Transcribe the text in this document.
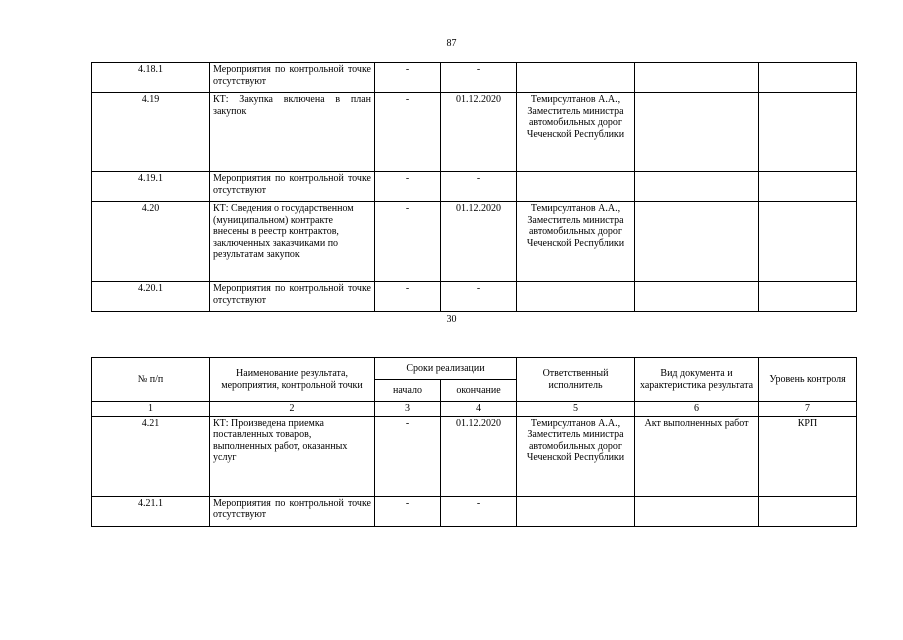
87
4.18.1	Мероприятия по контрольной точке отсутствуют	-	-			
4.19	КТ: Закупка включена в план закупок	-	01.12.2020	Темирсултанов А.А., Заместитель министра автомобильных дорог Чеченской Республики		
4.19.1	Мероприятия по контрольной точке отсутствуют	-	-			
4.20	КТ: Сведения о государственном (муниципальном) контракте внесены в реестр контрактов, заключенных заказчиками по результатам закупок	-	01.12.2020	Темирсултанов А.А., Заместитель министра автомобильных дорог Чеченской Республики		
4.20.1	Мероприятия по контрольной точке отсутствуют	-	-			
30
№ п/п	Наименование результата, мероприятия, контрольной точки	Сроки реализации		Ответственный исполнитель	Вид документа и характеристика результата	Уровень контроля
		начало	окончание			
1	2	3	4	5	6	7
4.21	КТ: Произведена приемка поставленных товаров, выполненных работ, оказанных услуг	-	01.12.2020	Темирсултанов А.А., Заместитель министра автомобильных дорог Чеченской Республики	Акт выполненных работ	КРП
4.21.1	Мероприятия по контрольной точке отсутствуют	-	-			
